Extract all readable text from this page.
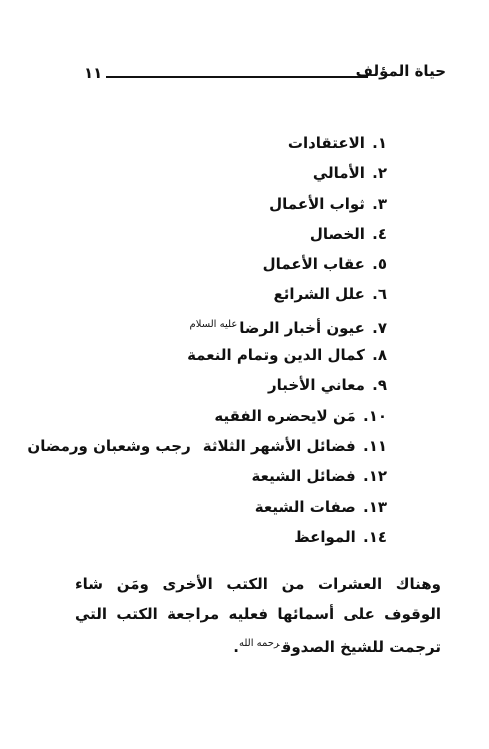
١١	حياة المؤلف
١. الاعتقادات
٢. الأمالي
٣. ثواب الأعمال
٤. الخصال
٥. عقاب الأعمال
٦. علل الشرائع
٧. عيون أخبار الرضا$^{عليه السلام}$
٨. كمال الدين وتمام النعمة
٩. معاني الأخبار
١٠. مَن لايحضره الفقيه
١١. فضائل الأشهر الثلاثةرجب وشعبان ورمضان
١٢. فضائل الشيعة
١٣. صفات الشيعة
١٤. المواعظ

وهناك العشرات من الكتب الأخرى ومَن شاء الوقوف على أسمائها فعليه مراجعة الكتب التي ترجمت للشيخ الصدوق$^{رحمه الله}$.
